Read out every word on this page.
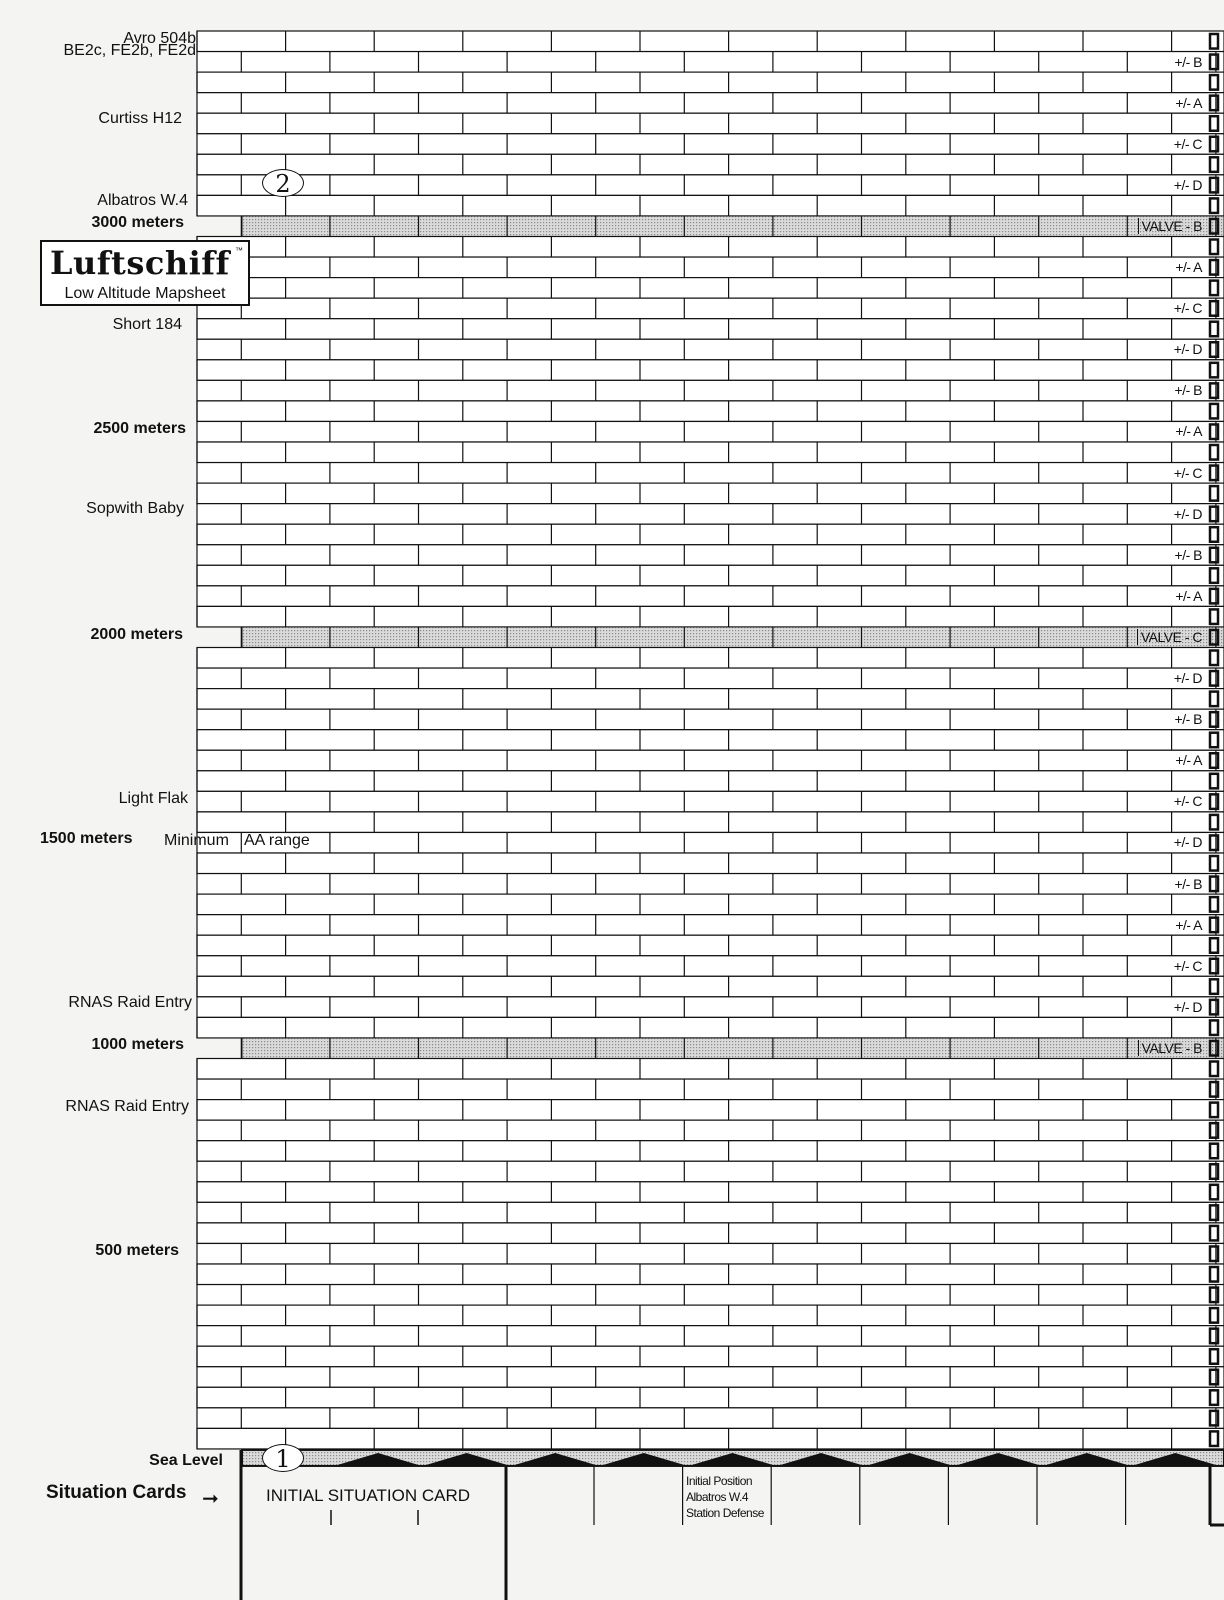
Avro 504b
BE2c, FE2b, FE2d
Curtiss H12
Albatros W.4
3000 meters
Short 184
2500 meters
Sopwith Baby
2000 meters
Light Flak
1500 meters
RNAS Raid Entry
1000 meters
RNAS Raid Entry
500 meters
Sea Level
+/- B
+/- A
+/- C
+/- D
VALVE - B
+/- A
+/- C
+/- D
+/- B
+/- A
+/- C
+/- D
+/- B
+/- A
VALVE - C
+/- D
+/- B
+/- A
+/- C
+/- D
+/- B
+/- A
+/- C
+/- D
VALVE - B
Luftschiff ™
Low Altitude Mapsheet
Minimum AA range
2
1
Situation Cards ➞	INITIAL SITUATION CARD
Initial Position
Albatros W.4
Station Defense
